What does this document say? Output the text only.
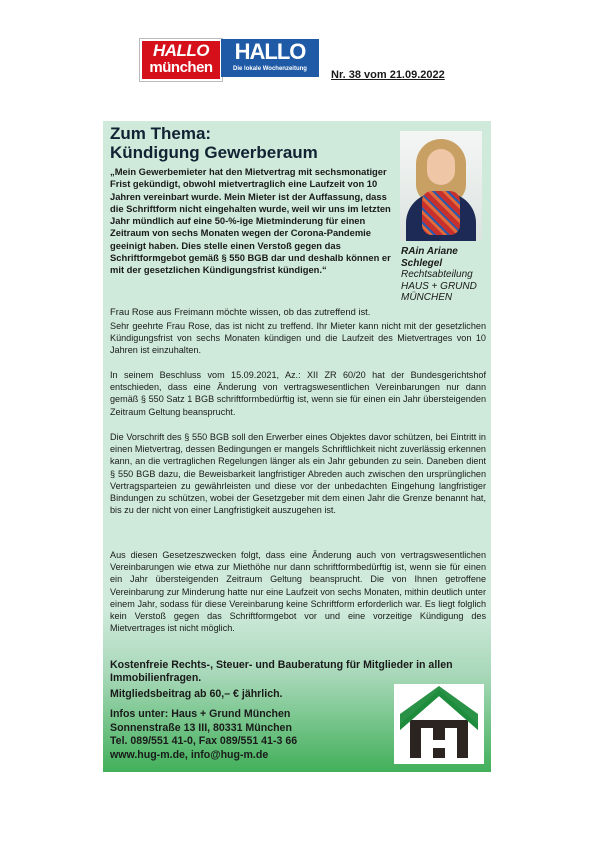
HALLO
münchen
HALLO
Die lokale Wochenzeitung	Nr. 38 vom 21.09.2022
Zum Thema:
Kündigung Gewerberaum
RAin Ariane
Schlegel
Rechtsabteilung
HAUS + GRUND
MÜNCHEN
„Mein Gewerbemieter hat den Mietvertrag mit sechsmonatiger Frist gekündigt, obwohl mietvertraglich eine Laufzeit von 10 Jahren vereinbart wurde. Mein Mieter ist der Auffassung, dass die Schriftform nicht eingehalten wurde, weil wir uns im letzten Jahr mündlich auf eine 50-%-ige Mietminderung für einen Zeitraum von sechs Monaten wegen der Corona-Pandemie geeinigt haben. Dies stelle einen Verstoß gegen das Schriftformgebot gemäß § 550 BGB dar und deshalb können er mit der gesetzlichen Kündigungsfrist kündigen.“
Frau Rose aus Freimann möchte wissen, ob das zutreffend ist.
Sehr geehrte Frau Rose, das ist nicht zu treffend. Ihr Mieter kann nicht mit der gesetzlichen Kündigungsfrist von sechs Monaten kündigen und die Laufzeit des Mietvertrages von 10 Jahren ist einzuhalten.
In seinem Beschluss vom 15.09.2021, Az.: XII ZR 60/20 hat der Bundesgerichtshof entschieden, dass eine Änderung von vertragswesentlichen Vereinbarungen nur dann gemäß § 550 Satz 1 BGB schriftformbedürftig ist, wenn sie für einen ein Jahr übersteigenden Zeitraum Geltung beansprucht.
Die Vorschrift des § 550 BGB soll den Erwerber eines Objektes davor schützen, bei Eintritt in einen Mietvertrag, dessen Bedingungen er mangels Schriftlichkeit nicht zuverlässig erkennen kann, an die vertraglichen Regelungen länger als ein Jahr gebunden zu sein. Daneben dient § 550 BGB dazu, die Beweisbarkeit langfristiger Abreden auch zwischen den ursprünglichen Vertragsparteien zu gewährleisten und diese vor der unbedachten Eingehung langfristiger Bindungen zu schützen, wobei der Gesetzgeber mit dem einen Jahr die Grenze benannt hat, bis zu der nicht von einer Langfristigkeit auszugehen ist.
Aus diesen Gesetzeszwecken folgt, dass eine Änderung auch von vertragswesentlichen Vereinbarungen wie etwa zur Miethöhe nur dann schriftformbedürftig ist, wenn sie für einen ein Jahr übersteigenden Zeitraum Geltung beansprucht. Die von Ihnen getroffene Vereinbarung zur Minderung hatte nur eine Laufzeit von sechs Monaten, mithin deutlich unter einem Jahr, sodass für diese Vereinbarung keine Schriftform erforderlich war. Es liegt folglich kein Verstoß gegen das Schriftformgebot vor und eine vorzeitige Kündigung des Mietvertrages ist nicht möglich.
Kostenfreie Rechts-, Steuer- und Bauberatung für Mitglieder in allen Immobilienfragen.
Mitgliedsbeitrag ab 60,– € jährlich.
Infos unter: Haus + Grund München
Sonnenstraße 13 III, 80331 München
Tel. 089/551 41-0, Fax 089/551 41-3 66
www.hug-m.de, info@hug-m.de
